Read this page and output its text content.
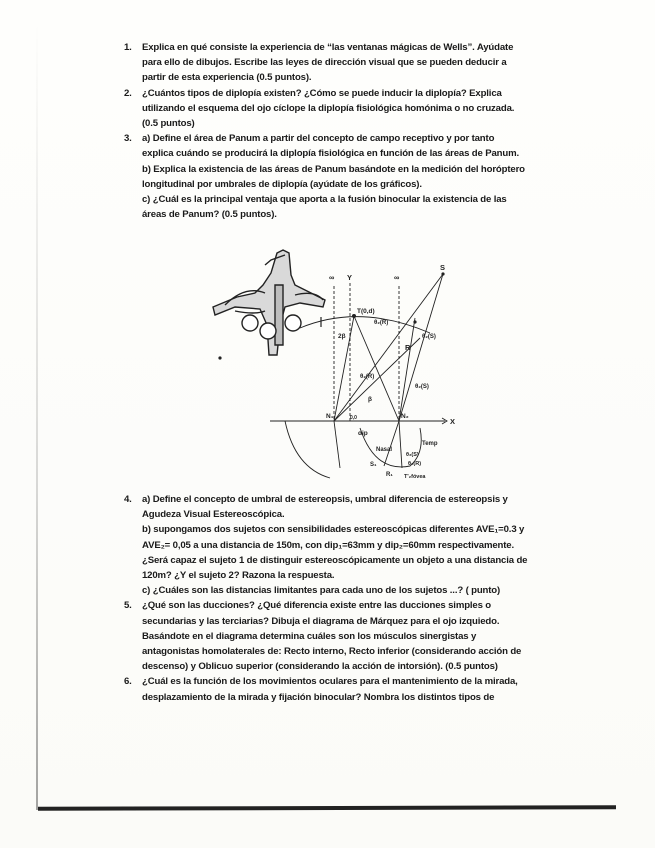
1. Explica en qué consiste la experiencia de “las ventanas mágicas de Wells”. Ayúdate

para ello de dibujos. Escribe las leyes de dirección visual que se pueden deducir a

partir de esta experiencia (0.5 puntos).

2. ¿Cuántos tipos de diplopía existen? ¿Cómo se puede inducir la diplopía? Explica

utilizando el esquema del ojo cíclope la diplopía fisiológica homónima o no cruzada.

(0.5 puntos)

3. a) Define el área de Panum a partir del concepto de campo receptivo y por tanto

explica cuándo se producirá la diplopía fisiológica en función de las áreas de Panum.

b) Explica la existencia de las áreas de Panum basándote en la medición del horóptero

longitudinal por umbrales de diplopía (ayúdate de los gráficos).

c) ¿Cuál es la principal ventaja que aporta a la fusión binocular la existencia de las

áreas de Panum? (0.5 puntos).

∞	∞
Y
X
S
T(0,d)
R
θ₂(R)
θ₂(S)
2β
θ₂(R)
θ₂(S)
β
N₁	N₂
0,0
dip
Nasal
Temp
θ₂(S)
θ₂(R)
S₁
R₁ T'₂fóvea
4. a) Define el concepto de umbral de estereopsis, umbral diferencia de estereopsis y

Agudeza Visual Estereoscópica.

b) supongamos dos sujetos con sensibilidades estereoscópicas diferentes AVE₁=0.3 y

AVE₂= 0,05 a una distancia de 150m, con dip₁=63mm y dip₂=60mm respectivamente.

¿Será capaz el sujeto 1 de distinguir estereoscópicamente un objeto a una distancia de

120m? ¿Y el sujeto 2? Razona la respuesta.

c) ¿Cuáles son las distancias limitantes para cada uno de los sujetos ...? ( punto)

5. ¿Qué son las ducciones? ¿Qué diferencia existe entre las ducciones simples o

secundarias y las terciarias? Dibuja el diagrama de Márquez para el ojo izquiedo.

Basándote en el diagrama determina cuáles son los músculos sinergistas y

antagonistas homolaterales de: Recto interno, Recto inferior (considerando acción de

descenso) y Oblicuo superior (considerando la acción de intorsión). (0.5 puntos)

6. ¿Cuál es la función de los movimientos oculares para el mantenimiento de la mirada,

desplazamiento de la mirada y fijación binocular? Nombra los distintos tipos de
